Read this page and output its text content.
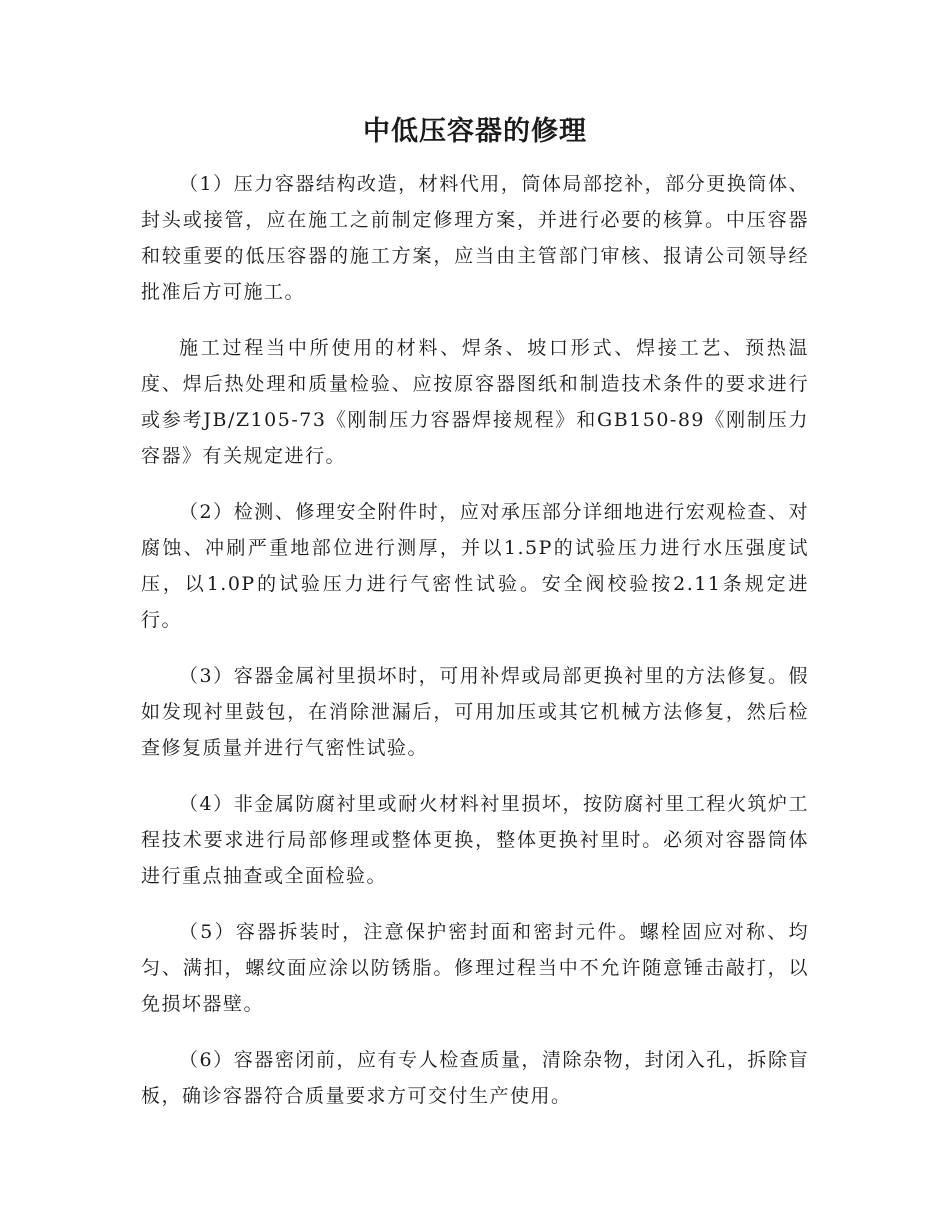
中低压容器的修理

（1）压力容器结构改造，材料代用，筒体局部挖补，部分更换筒体、封头或接管，应在施工之前制定修理方案，并进行必要的核算。中压容器和较重要的低压容器的施工方案，应当由主管部门审核、报请公司领导经批准后方可施工。

施工过程当中所使用的材料、焊条、坡口形式、焊接工艺、预热温度、焊后热处理和质量检验、应按原容器图纸和制造技术条件的要求进行或参考JB/Z105-73《刚制压力容器焊接规程》和GB150-89《刚制压力容器》有关规定进行。

（2）检测、修理安全附件时，应对承压部分详细地进行宏观检查、对腐蚀、冲刷严重地部位进行测厚，并以1.5P的试验压力进行水压强度试压，以1.0P的试验压力进行气密性试验。安全阀校验按2.11条规定进行。

（3）容器金属衬里损坏时，可用补焊或局部更换衬里的方法修复。假如发现衬里鼓包，在消除泄漏后，可用加压或其它机械方法修复，然后检查修复质量并进行气密性试验。

（4）非金属防腐衬里或耐火材料衬里损坏，按防腐衬里工程火筑炉工程技术要求进行局部修理或整体更换，整体更换衬里时。必须对容器筒体进行重点抽查或全面检验。

（5）容器拆装时，注意保护密封面和密封元件。螺栓固应对称、均匀、满扣，螺纹面应涂以防锈脂。修理过程当中不允许随意锤击敲打，以免损坏器壁。

（6）容器密闭前，应有专人检查质量，清除杂物，封闭入孔，拆除盲板，确诊容器符合质量要求方可交付生产使用。
